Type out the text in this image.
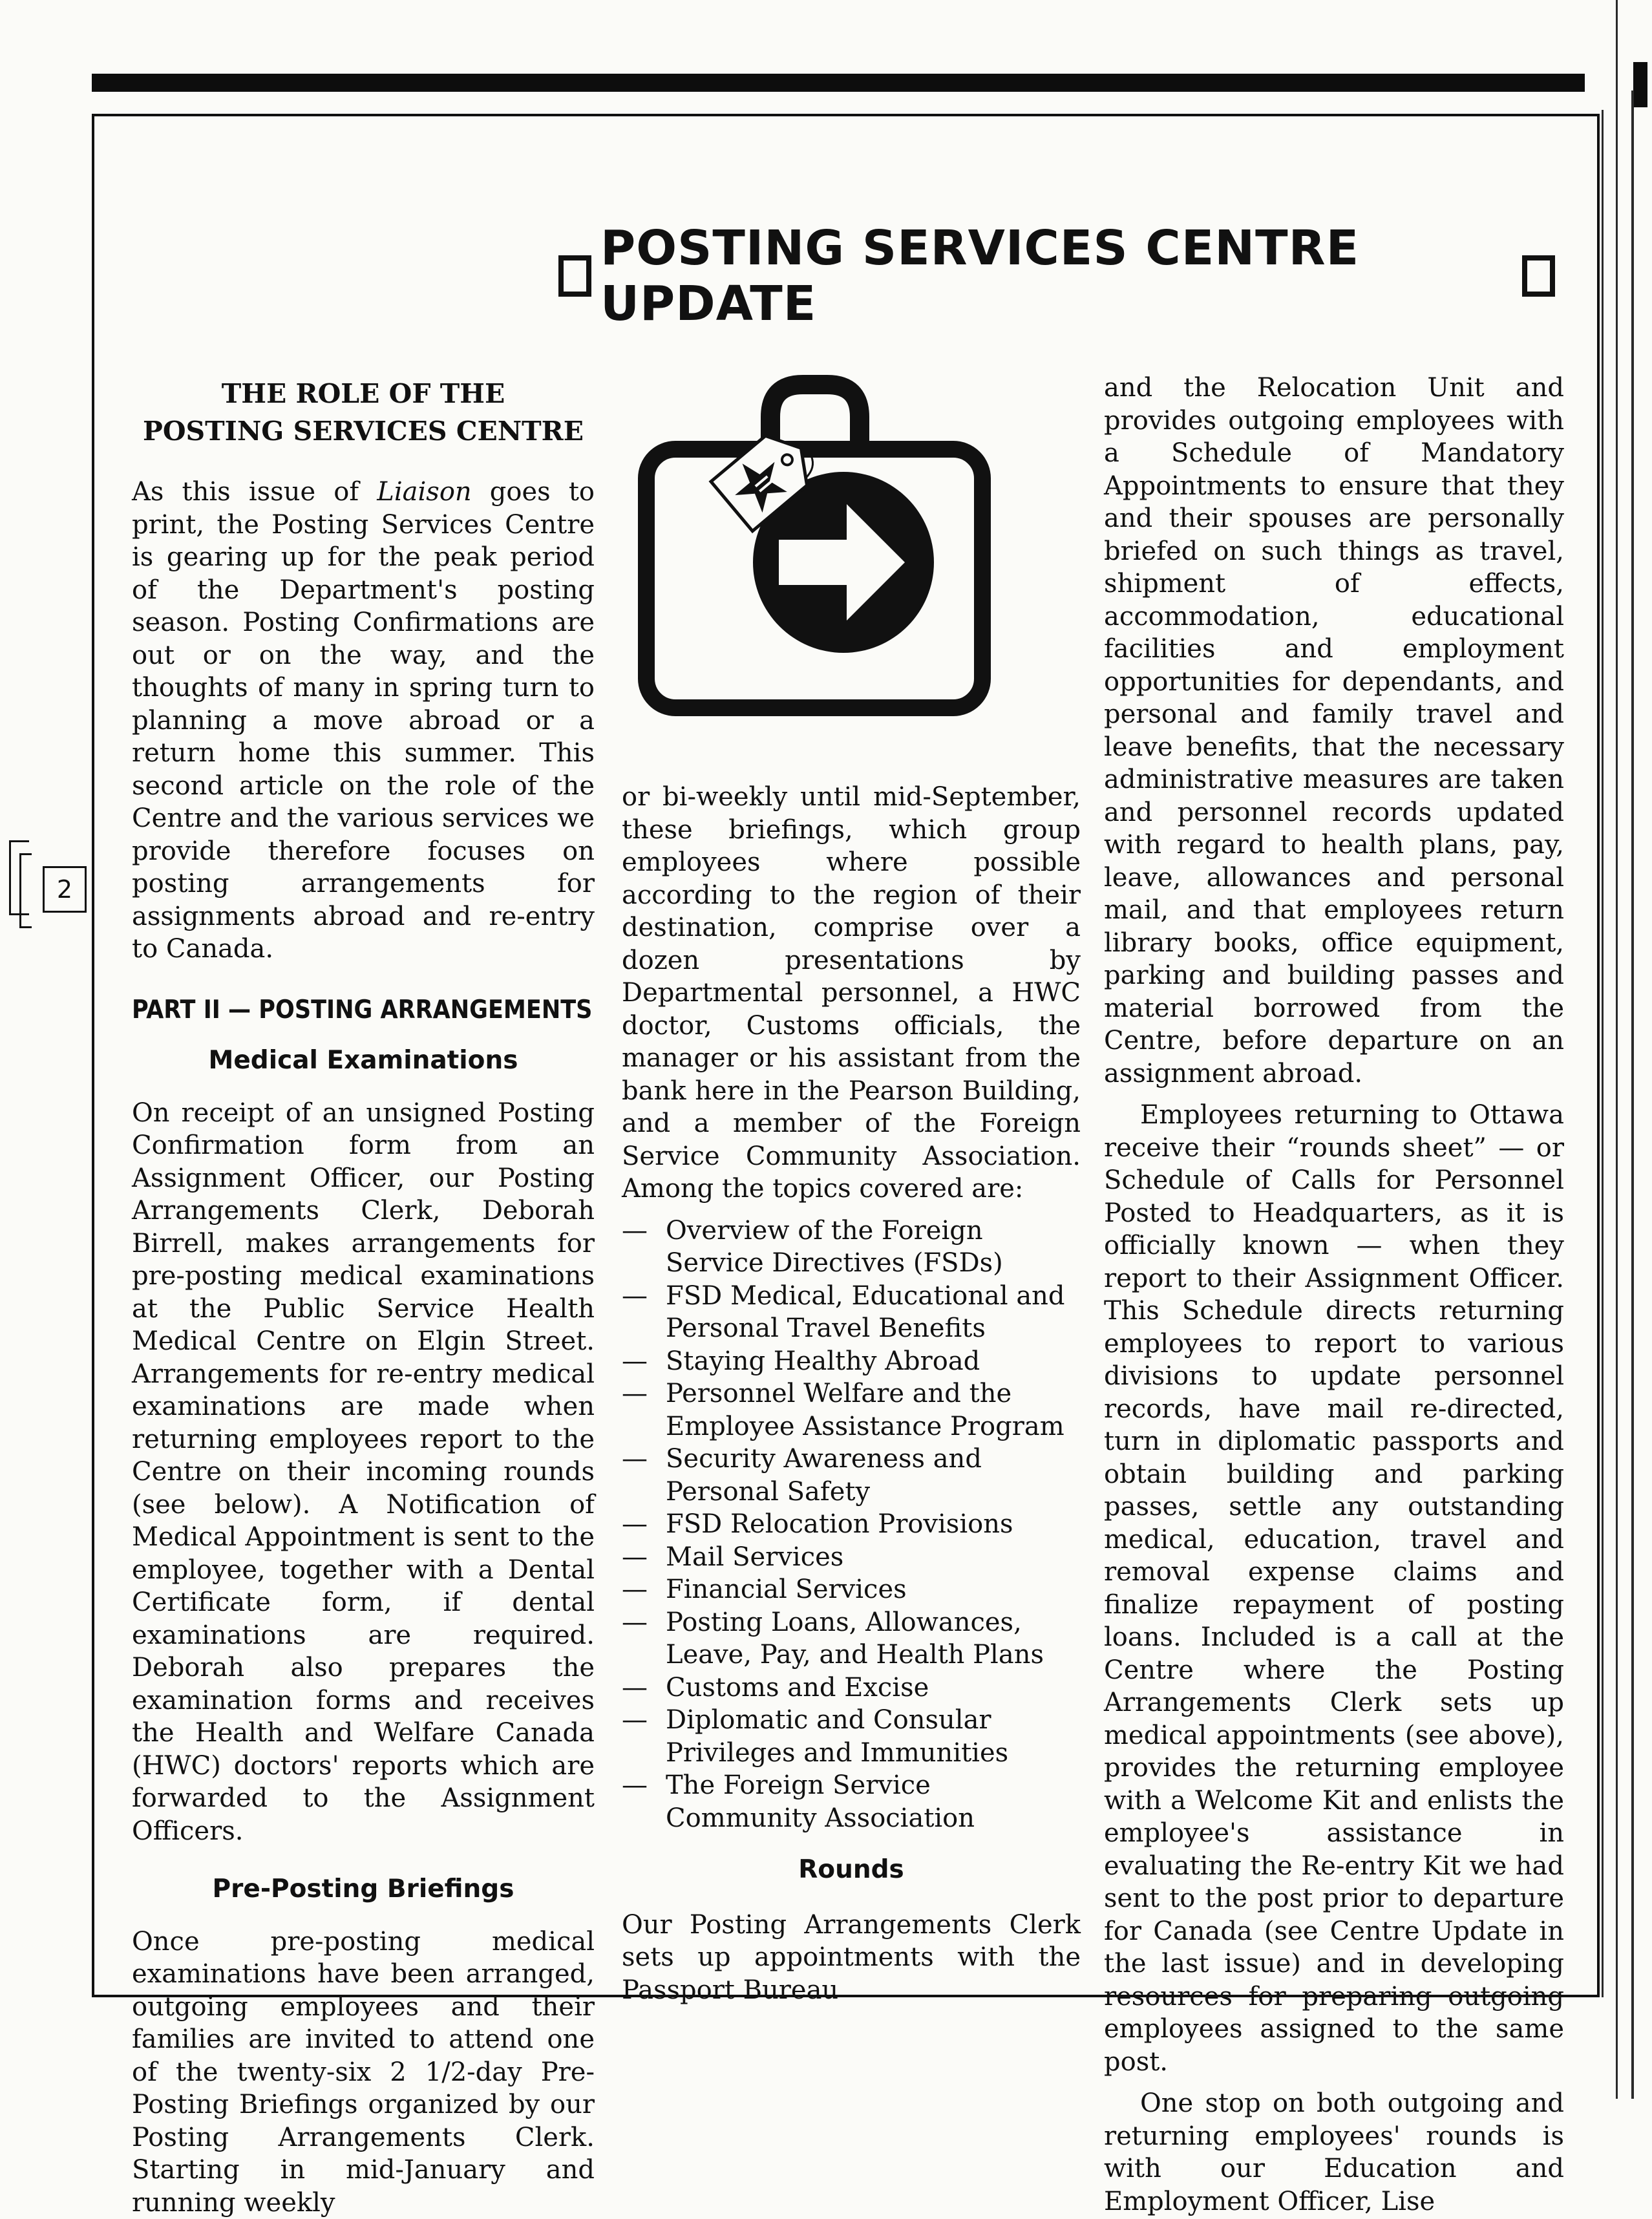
2
POSTING SERVICES CENTRE UPDATE
THE ROLE OF THE
POSTING SERVICES CENTRE

As this issue of Liaison goes to print, the Posting Services Centre is gearing up for the peak period of the Department's posting season. Posting Confirmations are out or on the way, and the thoughts of many in spring turn to planning a move abroad or a return home this summer. This second article on the role of the Centre and the various services we provide therefore focuses on posting arrangements for assignments abroad and re-entry to Canada.

PART II — POSTING ARRANGEMENTS

Medical Examinations

On receipt of an unsigned Posting Confirmation form from an Assignment Officer, our Posting Arrangements Clerk, Deborah Birrell, makes arrangements for pre-posting medical examinations at the Public Service Health Medical Centre on Elgin Street. Arrangements for re-entry medical examinations are made when returning employees report to the Centre on their incoming rounds (see below). A Notification of Medical Appointment is sent to the employee, together with a Dental Certificate form, if dental examinations are required. Deborah also prepares the examination forms and receives the Health and Welfare Canada (HWC) doctors' reports which are forwarded to the Assignment Officers.

Pre-Posting Briefings

Once pre-posting medical examinations have been arranged, outgoing employees and their families are invited to attend one of the twenty-six 2 1/2-day Pre-Posting Briefings organized by our Posting Arrangements Clerk. Starting in mid-January and running weekly

or bi-weekly until mid-September, these briefings, which group employees where possible according to the region of their destination, comprise over a dozen presentations by Departmental personnel, a HWC doctor, Customs officials, the manager or his assistant from the bank here in the Pearson Building, and a member of the Foreign Service Community Association. Among the topics covered are:

— Overview of the Foreign Service Directives (FSDs)
— FSD Medical, Educational and Personal Travel Benefits
— Staying Healthy Abroad
— Personnel Welfare and the Employee Assistance Program
— Security Awareness and Personal Safety
— FSD Relocation Provisions
— Mail Services
— Financial Services
— Posting Loans, Allowances, Leave, Pay, and Health Plans
— Customs and Excise
— Diplomatic and Consular Privileges and Immunities
— The Foreign Service Community Association

Rounds

Our Posting Arrangements Clerk sets up appointments with the Passport Bureau

and the Relocation Unit and provides outgoing employees with a Schedule of Mandatory Appointments to ensure that they and their spouses are personally briefed on such things as travel, shipment of effects, accommodation, educational facilities and employment opportunities for dependants, and personal and family travel and leave benefits, that the necessary administrative measures are taken and personnel records updated with regard to health plans, pay, leave, allowances and personal mail, and that employees return library books, office equipment, parking and building passes and material borrowed from the Centre, before departure on an assignment abroad.

Employees returning to Ottawa receive their “rounds sheet” — or Schedule of Calls for Personnel Posted to Headquarters, as it is officially known — when they report to their Assignment Officer. This Schedule directs returning employees to report to various divisions to update personnel records, have mail re-directed, turn in diplomatic passports and obtain building and parking passes, settle any outstanding medical, education, travel and removal expense claims and finalize repayment of posting loans. Included is a call at the Centre where the Posting Arrangements Clerk sets up medical appointments (see above), provides the returning employee with a Welcome Kit and enlists the employee's assistance in evaluating the Re-entry Kit we had sent to the post prior to departure for Canada (see Centre Update in the last issue) and in developing resources for preparing outgoing employees assigned to the same post.

One stop on both outgoing and returning employees' rounds is with our Education and Employment Officer, Lise
